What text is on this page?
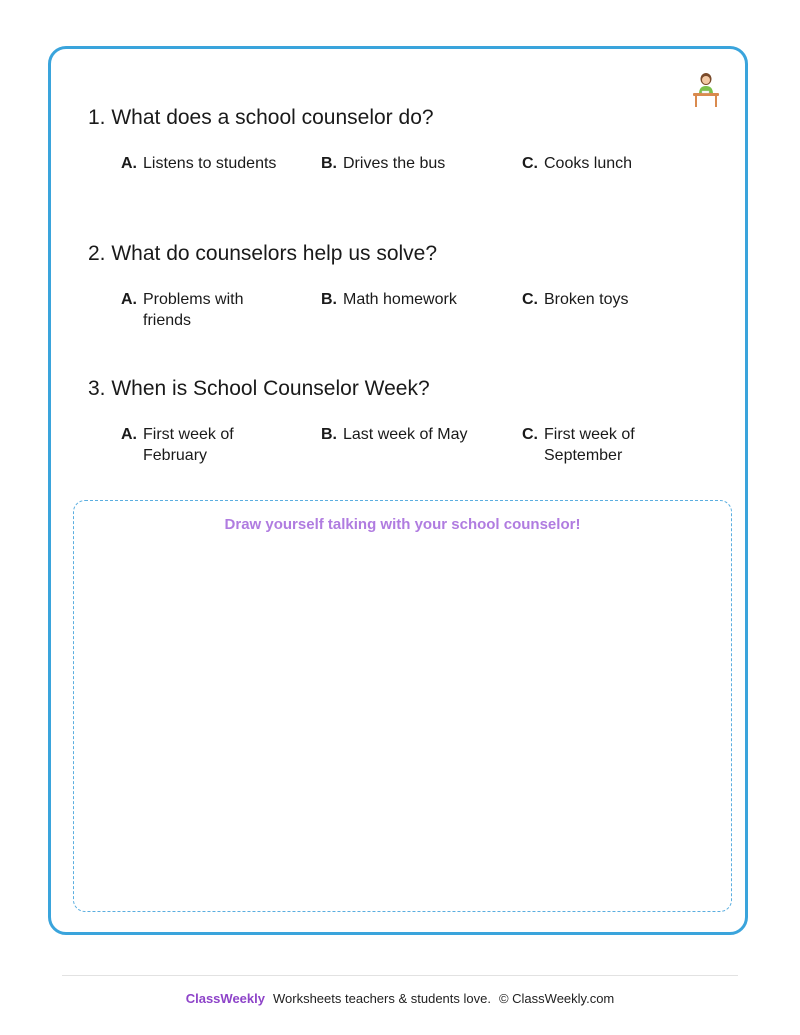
1. What does a school counselor do?

A. Listens to students	B. Drives the bus	C. Cooks lunch

2. What do counselors help us solve?

A. Problems with friends
B. Math homework	C. Broken toys

3. When is School Counselor Week?

A. First week of February
B. Last week of May	C. First week of September
Draw yourself talking with your school counselor!
ClassWeekly Worksheets teachers & students love. © ClassWeekly.com
